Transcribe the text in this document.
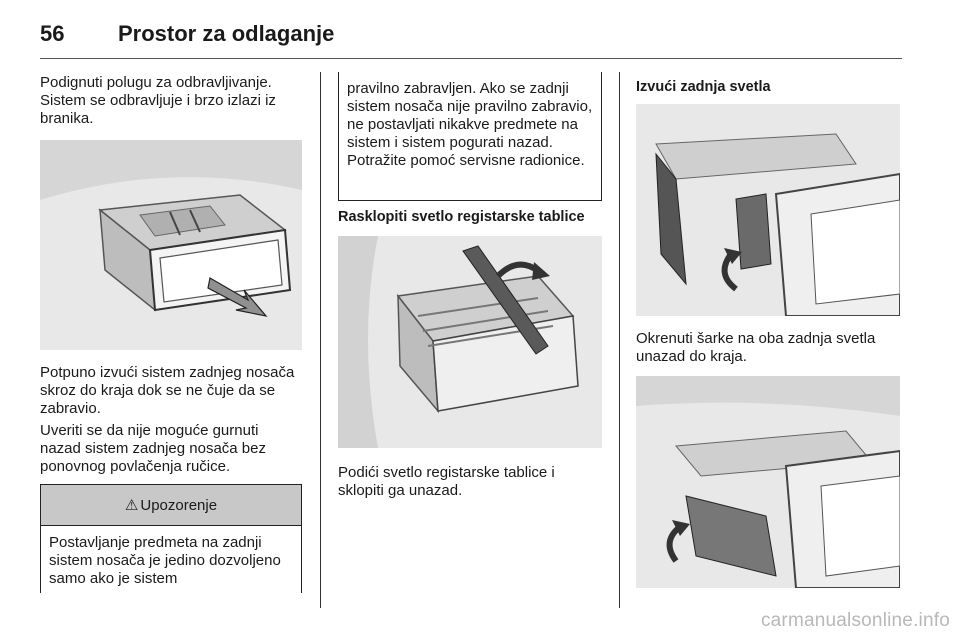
56	Prostor za odlaganje

Podignuti polugu za odbravljivanje. Sistem se odbravljuje i brzo izlazi iz branika.

Potpuno izvući sistem zadnjeg nosača skroz do kraja dok se ne čuje da se zabravio.

Uveriti se da nije moguće gurnuti nazad sistem zadnjeg nosača bez ponovnog povlačenja ručice.

⚠ Upozorenje
Postavljanje predmeta na zadnji sistem nosača je jedino dozvoljeno samo ako je sistem
pravilno zabravljen. Ako se zadnji sistem nosača nije pravilno zabravio, ne postavljati nikakve predmete na sistem i sistem pogurati nazad. Potražite pomoć servisne radionice.
Rasklopiti svetlo registarske tablice

Podići svetlo registarske tablice i sklopiti ga unazad.

Izvući zadnja svetla

Okrenuti šarke na oba zadnja svetla unazad do kraja.

carmanualsonline.info
